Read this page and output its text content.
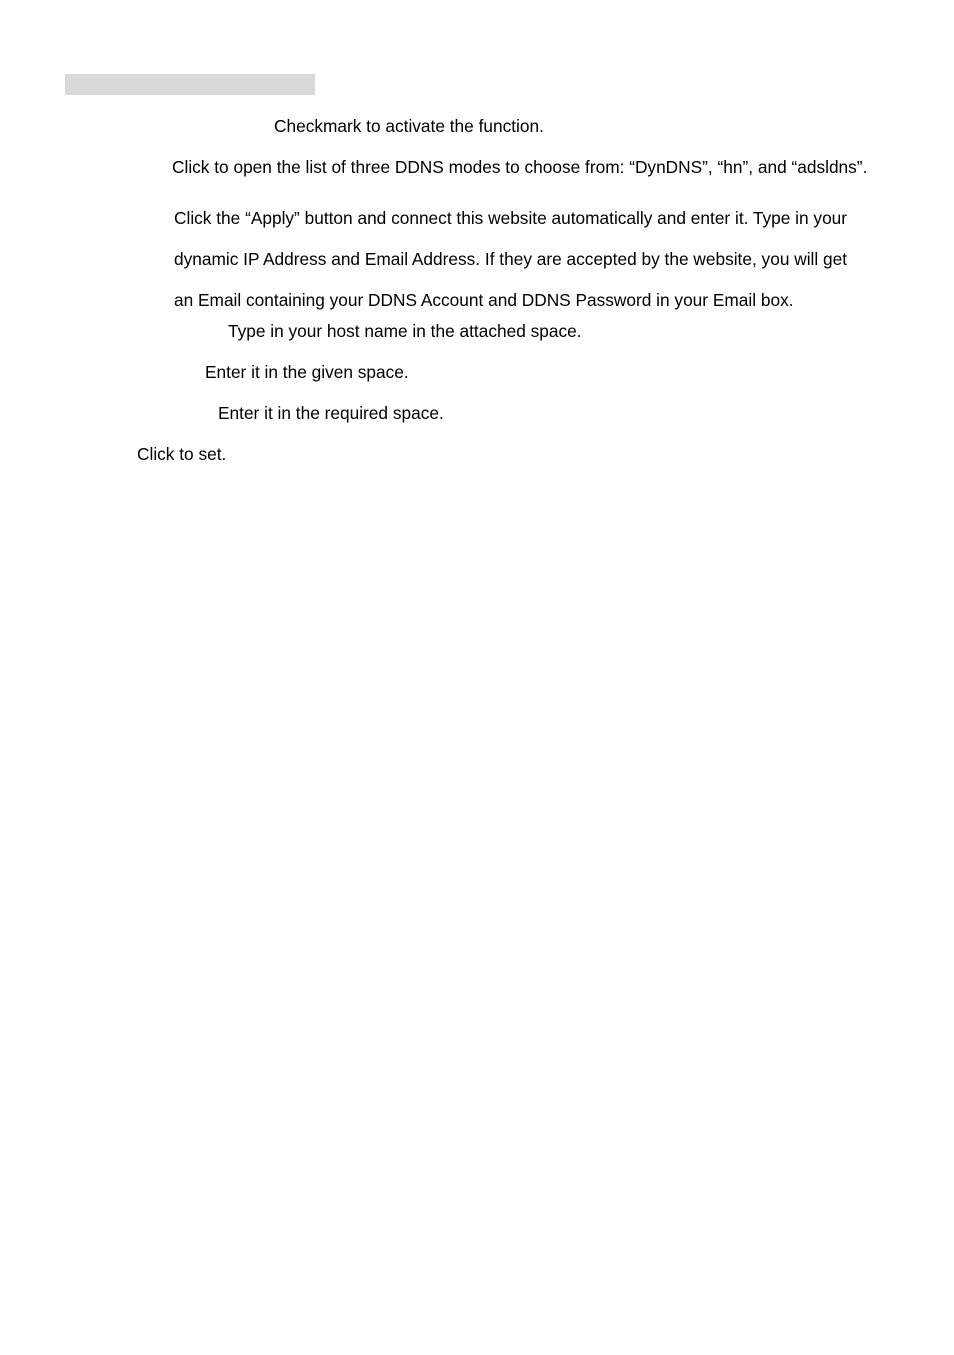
Checkmark to activate the function.

Click to open the list of three DDNS modes to choose from: “DynDNS”, “hn”, and “adsldns”.

Click the “Apply” button and connect this website automatically and enter it. Type in your
dynamic IP Address and Email Address. If they are accepted by the website, you will get
an Email containing your DDNS Account and DDNS Password in your Email box.

Type in your host name in the attached space.

Enter it in the given space.

Enter it in the required space.

Click to set.
